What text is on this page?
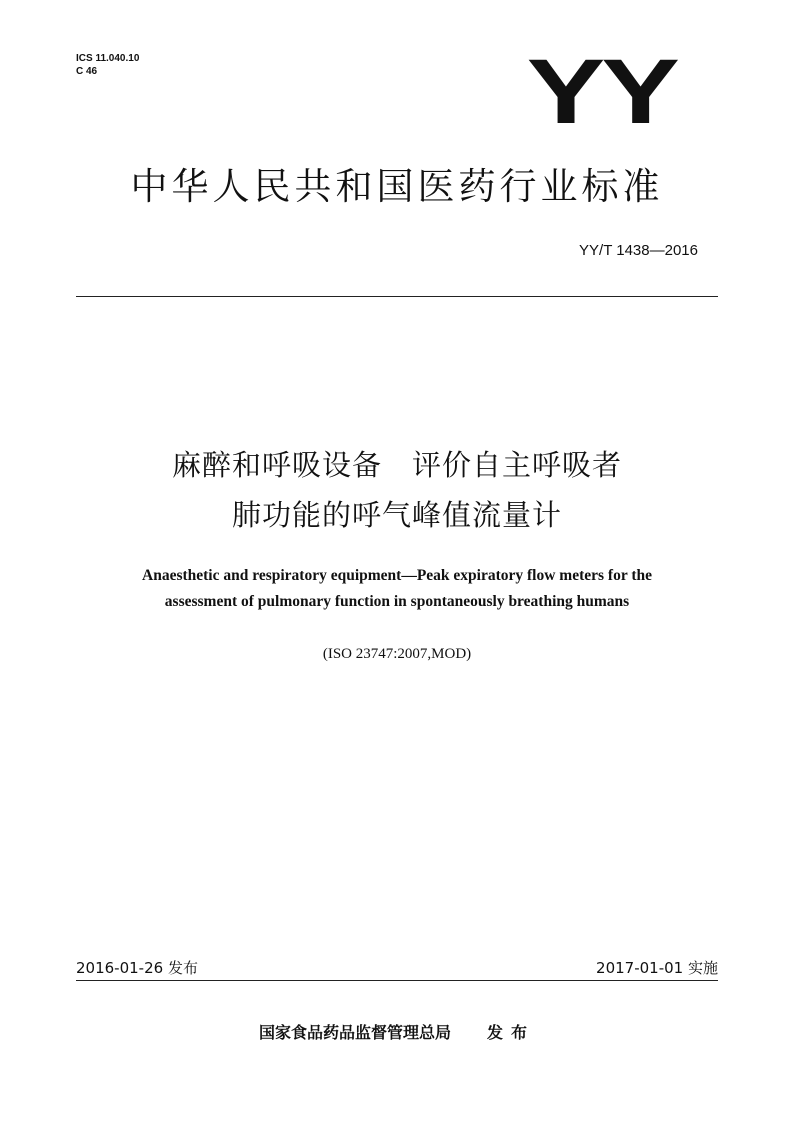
ICS 11.040.10
C 46	YY
中华人民共和国医药行业标准
YY/T 1438—2016
麻醉和呼吸设备　评价自主呼吸者
肺功能的呼气峰值流量计
Anaesthetic and respiratory equipment—Peak expiratory flow meters for the
assessment of pulmonary function in spontaneously breathing humans
(ISO 23747:2007,MOD)
2016-01-26 发布	2017-01-01 实施
国家食品药品监督管理总局 发布
